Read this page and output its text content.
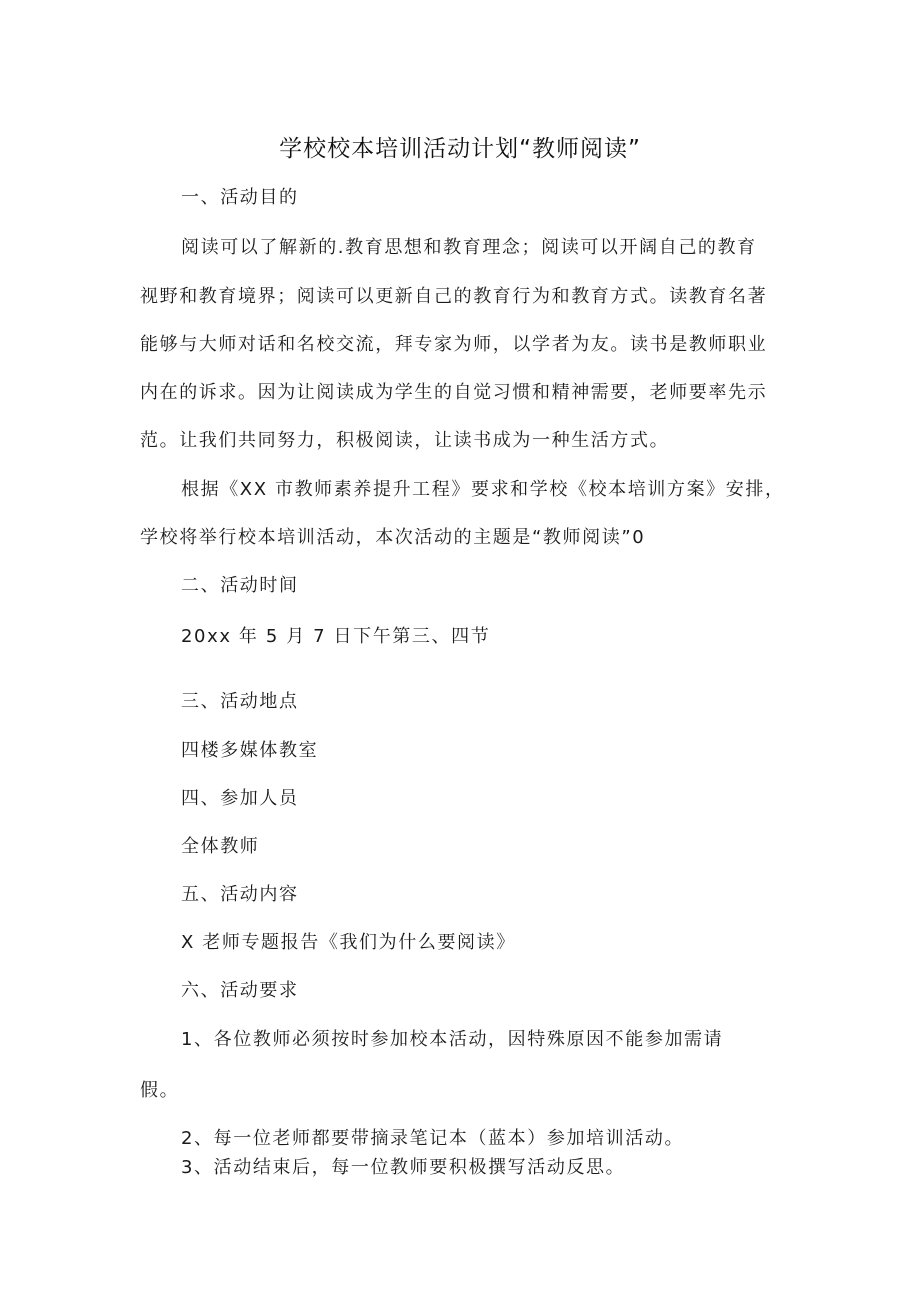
学校校本培训活动计划“教师阅读”
一、活动目的
阅读可以了解新的.教育思想和教育理念；阅读可以开阔自己的教育
视野和教育境界；阅读可以更新自己的教育行为和教育方式。读教育名著
能够与大师对话和名校交流，拜专家为师，以学者为友。读书是教师职业
内在的诉求。因为让阅读成为学生的自觉习惯和精神需要，老师要率先示
范。让我们共同努力，积极阅读，让读书成为一种生活方式。
根据《XX 市教师素养提升工程》要求和学校《校本培训方案》安排，
学校将举行校本培训活动，本次活动的主题是“教师阅读”0
二、活动时间
20xx 年 5 月 7 日下午第三、四节
三、活动地点
四楼多媒体教室
四、参加人员
全体教师
五、活动内容
X 老师专题报告《我们为什么要阅读》
六、活动要求
1、各位教师必须按时参加校本活动，因特殊原因不能参加需请
假。
2、每一位老师都要带摘录笔记本（蓝本）参加培训活动。
3、活动结束后，每一位教师要积极撰写活动反思。
